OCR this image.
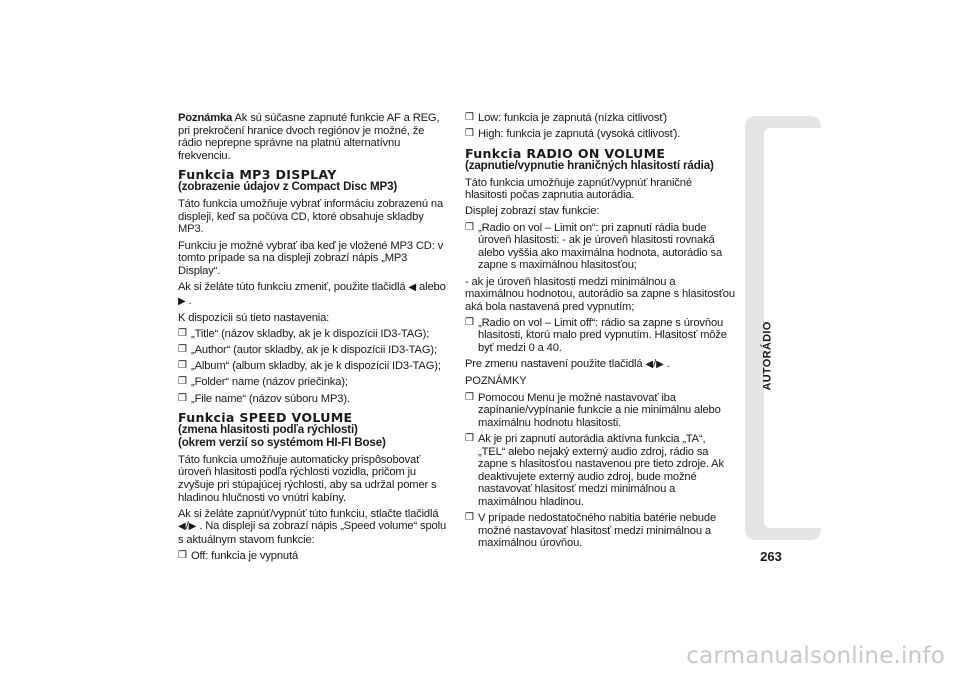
Poznámka Ak sú súčasne zapnuté funkcie AF a REG, pri prekročení hranice dvoch regiónov je možné, že rádio neprepne správne na platnú alternatívnu frekvenciu.

Funkcia MP3 DISPLAY
(zobrazenie údajov z Compact Disc MP3)

Táto funkcia umožňuje vybrať informáciu zobrazenú na displeji, keď sa počúva CD, ktoré obsahuje skladby MP3.

Funkciu je možné vybrať iba keď je vložené MP3 CD: v tomto prípade sa na displeji zobrazí nápis „MP3 Display“.

Ak si želáte túto funkciu zmeniť, použite tlačidlá ◀ alebo ▶ .

K dispozícii sú tieto nastavenia:

❒ „Title“ (názov skladby, ak je k dispozícii ID3-TAG);
❒ „Author“ (autor skladby, ak je k dispozícii ID3-TAG);
❒ „Album“ (album skladby, ak je k dispozícii ID3-TAG);
❒ „Folder“ name (názov priečinka);
❒ „File name“ (názov súboru MP3).
Funkcia SPEED VOLUME
(zmena hlasitosti podľa rýchlosti)
(okrem verzií so systémom HI-FI Bose)

Táto funkcia umožňuje automaticky prispôsobovať úroveň hlasitosti podľa rýchlosti vozidla, pričom ju zvyšuje pri stúpajúcej rýchlosti, aby sa udržal pomer s hladinou hlučnosti vo vnútri kabíny.

Ak si želáte zapnúť/vypnúť túto funkciu, stlačte tlačidlá ◀/▶ . Na displeji sa zobrazí nápis „Speed volume“ spolu s aktuálnym stavom funkcie:

❒ Off: funkcia je vypnutá
❒ Low: funkcia je zapnutá (nízka citlivosť)
❒ High: funkcia je zapnutá (vysoká citlivosť).
Funkcia RADIO ON VOLUME
(zapnutie/vypnutie hraničných hlasitostí rádia)

Táto funkcia umožňuje zapnúť/vypnúť hraničné hlasitosti počas zapnutia autorádia.

Displej zobrazí stav funkcie:

❒ „Radio on vol – Limit on“: pri zapnutí rádia bude úroveň hlasitosti: - ak je úroveň hlasitosti rovnaká alebo vyššia ako maximálna hodnota, autorádio sa zapne s maximálnou hlasitosťou;

- ak je úroveň hlasitosti medzi minimálnou a maximálnou hodnotou, autorádio sa zapne s hlasitosťou aká bola nastavená pred vypnutím;

❒ „Radio on vol – Limit off“: rádio sa zapne s úrovňou hlasitosti, ktorú malo pred vypnutím. Hlasitosť môže byť medzi 0 a 40.

Pre zmenu nastavení použite tlačidlá ◀/▶ .

POZNÁMKY

❒ Pomocou Menu je možné nastavovať iba zapínanie/vypínanie funkcie a nie minimálnu alebo maximálnu hodnotu hlasitosti.
❒ Ak je pri zapnutí autorádia aktívna funkcia „TA“, „TEL“ alebo nejaký externý audio zdroj, rádio sa zapne s hlasitosťou nastavenou pre tieto zdroje. Ak deaktivujete externý audio zdroj, bude možné nastavovať hlasitosť medzi minimálnou a maximálnou hladinou.
❒ V prípade nedostatočného nabitia batérie nebude možné nastavovať hlasitosť medzi minimálnou a maximálnou úrovňou.
AUTORÁDIO
263
carmanualsonline.info
